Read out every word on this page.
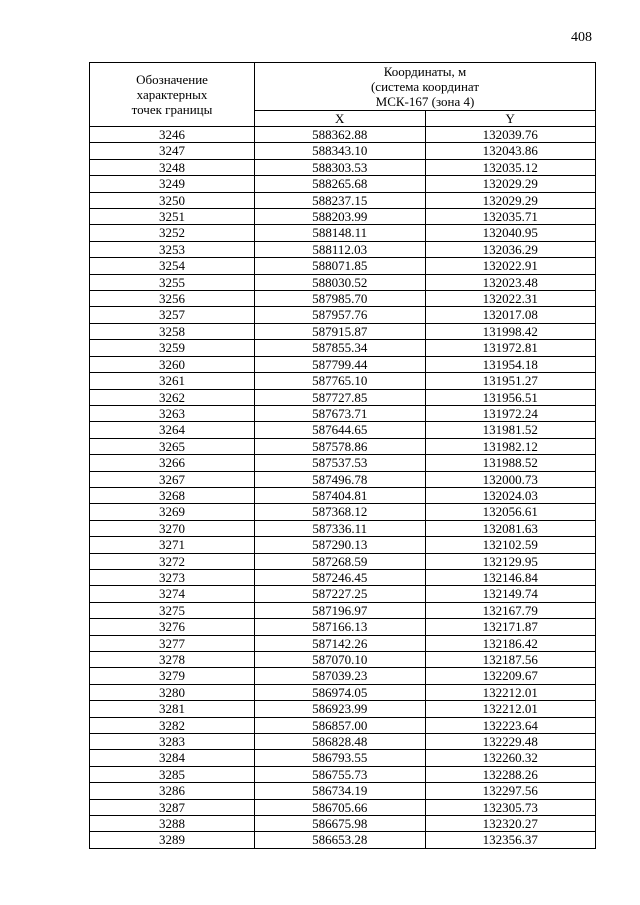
408
Обозначение
характерных
точек границы	Координаты, м
(система координат
МСК-167 (зона 4)	

	X	Y
3246	588362.88	132039.76
3247	588343.10	132043.86
3248	588303.53	132035.12
3249	588265.68	132029.29
3250	588237.15	132029.29
3251	588203.99	132035.71
3252	588148.11	132040.95
3253	588112.03	132036.29
3254	588071.85	132022.91
3255	588030.52	132023.48
3256	587985.70	132022.31
3257	587957.76	132017.08
3258	587915.87	131998.42
3259	587855.34	131972.81
3260	587799.44	131954.18
3261	587765.10	131951.27
3262	587727.85	131956.51
3263	587673.71	131972.24
3264	587644.65	131981.52
3265	587578.86	131982.12
3266	587537.53	131988.52
3267	587496.78	132000.73
3268	587404.81	132024.03
3269	587368.12	132056.61
3270	587336.11	132081.63
3271	587290.13	132102.59
3272	587268.59	132129.95
3273	587246.45	132146.84
3274	587227.25	132149.74
3275	587196.97	132167.79
3276	587166.13	132171.87
3277	587142.26	132186.42
3278	587070.10	132187.56
3279	587039.23	132209.67
3280	586974.05	132212.01
3281	586923.99	132212.01
3282	586857.00	132223.64
3283	586828.48	132229.48
3284	586793.55	132260.32
3285	586755.73	132288.26
3286	586734.19	132297.56
3287	586705.66	132305.73
3288	586675.98	132320.27
3289	586653.28	132356.37
